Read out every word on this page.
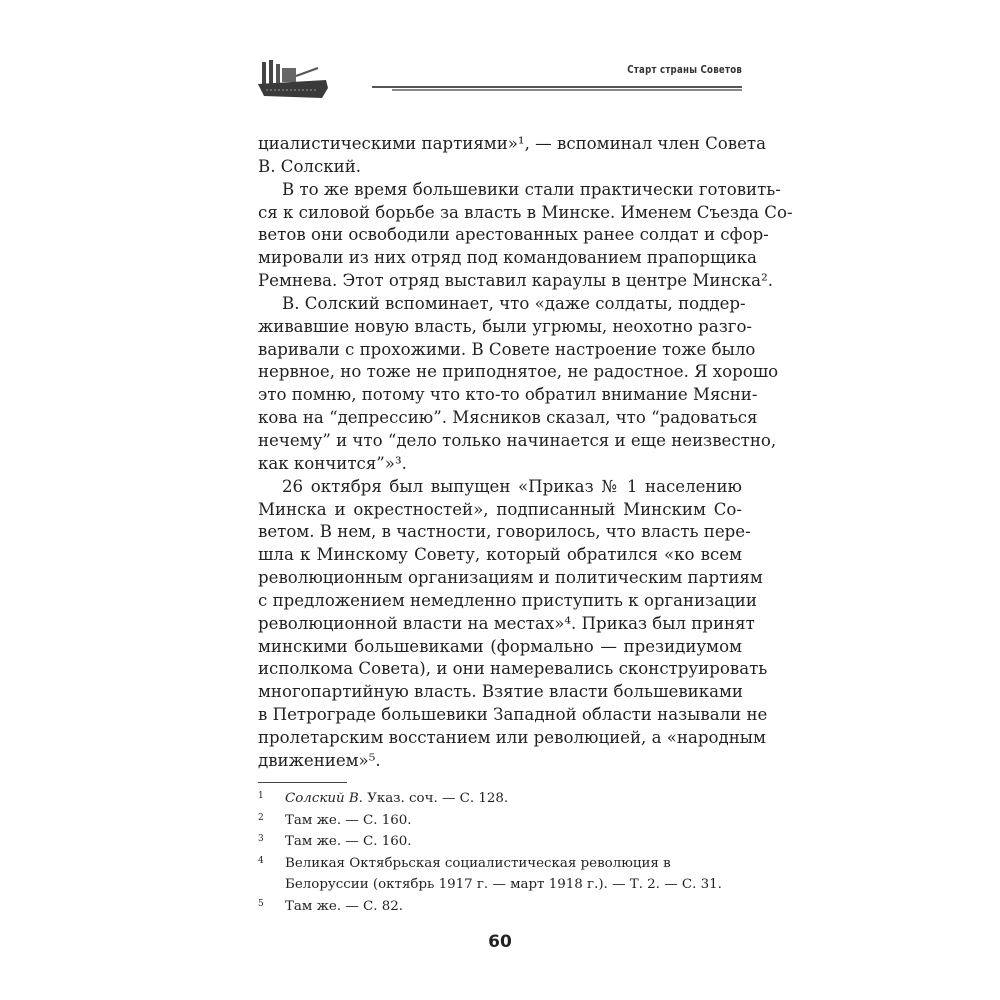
Старт страны Советов
циалистическими партиями»¹, — вспоминал член Совета
В. Солский.
В то же время большевики стали практически готовить-
ся к силовой борьбе за власть в Минске. Именем Съезда Со-
ветов они освободили арестованных ранее солдат и сфор-
мировали из них отряд под командованием прапорщика
Ремнева. Этот отряд выставил караулы в центре Минска².
В. Солский вспоминает, что «даже солдаты, поддер-
живавшие новую власть, были угрюмы, неохотно разго-
варивали с прохожими. В Совете настроение тоже было
нервное, но тоже не приподнятое, не радостное. Я хорошо
это помню, потому что кто-то обратил внимание Мясни-
кова на “депрессию”. Мясников сказал, что “радоваться
нечему” и что “дело только начинается и еще неизвестно,
как кончится”»³.
26 октября был выпущен «Приказ № 1 населению
Минска и окрестностей», подписанный Минским Со-
ветом. В нем, в частности, говорилось, что власть пере-
шла к Минскому Совету, который обратился «ко всем
революционным организациям и политическим партиям
с предложением немедленно приступить к организации
революционной власти на местах»⁴. Приказ был принят
минскими большевиками (формально — президиумом
исполкома Совета), и они намеревались сконструировать
многопартийную власть. Взятие власти большевиками
в Петрограде большевики Западной области называли не
пролетарским восстанием или революцией, а «народным
движением»⁵.
1	Солский В. Указ. соч. — С. 128.
2	Там же. — С. 160.
3	Там же. — С. 160.
4	Великая Октябрьская социалистическая революция в Белоруссии (октябрь 1917 г. — март 1918 г.). — Т. 2. — С. 31.
5	Там же. — С. 82.
60
